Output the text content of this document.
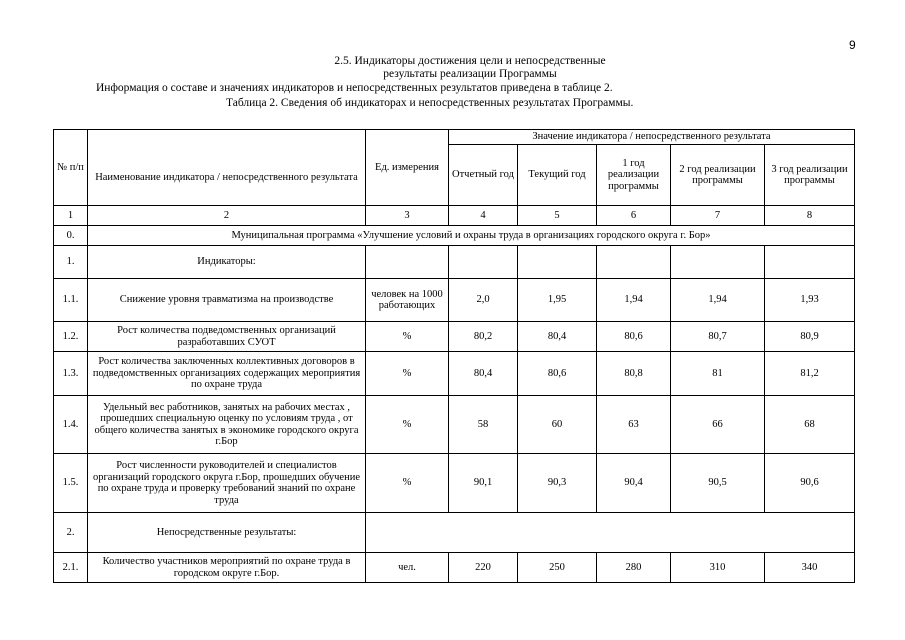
9
2.5. Индикаторы достижения цели и непосредственные
результаты реализации Программы
Информация о составе и значениях индикаторов и непосредственных результатов приведена в таблице 2.
Таблица 2. Сведения об индикаторах и непосредственных результатах Программы.
№ п/п	Наименование индикатора / непосредственного результата	Ед. измерения	Значение индикатора / непосредственного результата				
			Отчетный год	Текущий год	1 год реализации программы	2 год реализации программы	3 год реализации программы
1	2	3	4	5	6	7	8
0.	Муниципальная программа «Улучшение условий и охраны труда в организациях городского округа г. Бор»						
1.	Индикаторы:						
1.1.	Снижение уровня травматизма на производстве	человек на 1000 работающих	2,0	1,95	1,94	1,94	1,93
1.2.	Рост количества подведомственных организаций разработавших СУОТ	%	80,2	80,4	80,6	80,7	80,9
1.3.	Рост количества заключенных коллективных договоров в подведомственных организациях содержащих мероприятия по охране труда	%	80,4	80,6	80,8	81	81,2
1.4.	Удельный вес работников, занятых на рабочих местах , прошедших специальную оценку по условиям труда , от общего количества занятых в экономике городского округа г.Бор	%	58	60	63	66	68
1.5.	Рост численности руководителей и специалистов организаций городского округа г.Бор, прошедших обучение по охране труда и проверку требований знаний по охране труда	%	90,1	90,3	90,4	90,5	90,6
2.	Непосредственные результаты:						
2.1.	Количество участников мероприятий по охране труда в городском округе г.Бор.	чел.	220	250	280	310	340
